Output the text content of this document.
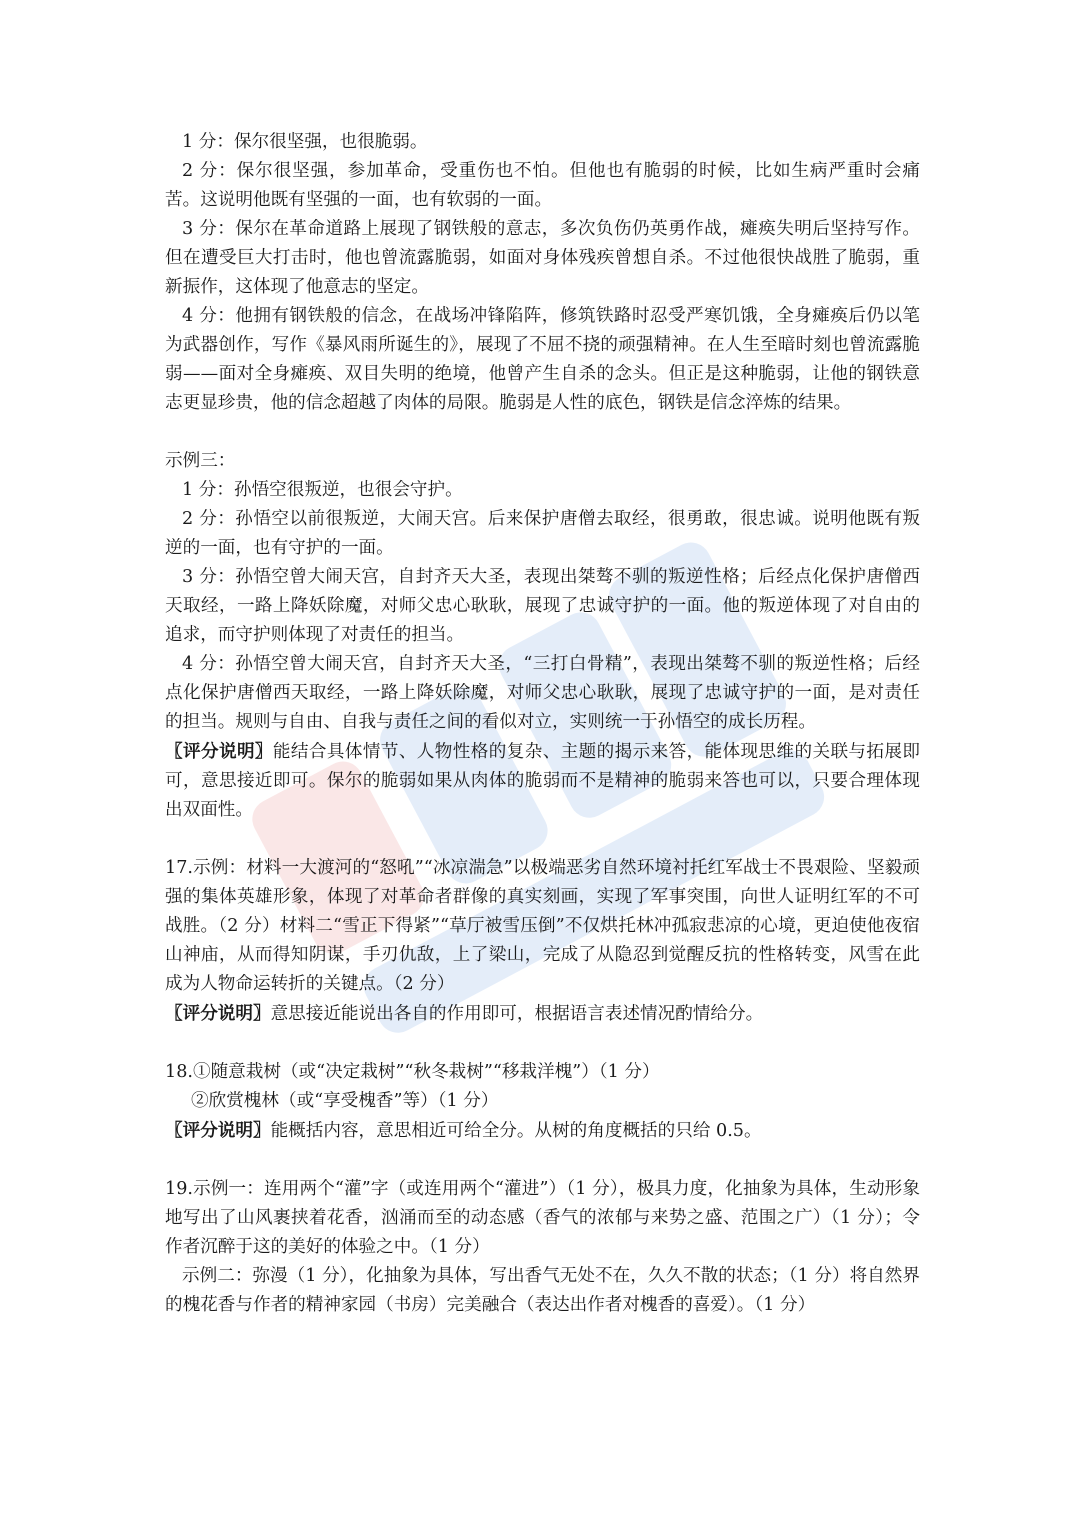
1 分：保尔很坚强，也很脆弱。

2 分：保尔很坚强，参加革命，受重伤也不怕。但他也有脆弱的时候，比如生病严重时会痛苦。这说明他既有坚强的一面，也有软弱的一面。

3 分：保尔在革命道路上展现了钢铁般的意志，多次负伤仍英勇作战，瘫痪失明后坚持写作。但在遭受巨大打击时，他也曾流露脆弱，如面对身体残疾曾想自杀。不过他很快战胜了脆弱，重新振作，这体现了他意志的坚定。

4 分：他拥有钢铁般的信念，在战场冲锋陷阵，修筑铁路时忍受严寒饥饿，全身瘫痪后仍以笔为武器创作，写作《暴风雨所诞生的》，展现了不屈不挠的顽强精神。在人生至暗时刻也曾流露脆弱——面对全身瘫痪、双目失明的绝境，他曾产生自杀的念头。但正是这种脆弱，让他的钢铁意志更显珍贵，他的信念超越了肉体的局限。脆弱是人性的底色，钢铁是信念淬炼的结果。

示例三：

1 分：孙悟空很叛逆，也很会守护。

2 分：孙悟空以前很叛逆，大闹天宫。后来保护唐僧去取经，很勇敢，很忠诚。说明他既有叛逆的一面，也有守护的一面。

3 分：孙悟空曾大闹天宫，自封齐天大圣，表现出桀骜不驯的叛逆性格；后经点化保护唐僧西天取经，一路上降妖除魔，对师父忠心耿耿，展现了忠诚守护的一面。他的叛逆体现了对自由的追求，而守护则体现了对责任的担当。

4 分：孙悟空曾大闹天宫，自封齐天大圣，“三打白骨精”，表现出桀骜不驯的叛逆性格；后经点化保护唐僧西天取经，一路上降妖除魔，对师父忠心耿耿，展现了忠诚守护的一面，是对责任的担当。规则与自由、自我与责任之间的看似对立，实则统一于孙悟空的成长历程。

〖评分说明〗能结合具体情节、人物性格的复杂、主题的揭示来答，能体现思维的关联与拓展即可，意思接近即可。保尔的脆弱如果从肉体的脆弱而不是精神的脆弱来答也可以，只要合理体现出双面性。

17.示例：材料一大渡河的“怒吼”“冰凉湍急”以极端恶劣自然环境衬托红军战士不畏艰险、坚毅顽强的集体英雄形象，体现了对革命者群像的真实刻画，实现了军事突围，向世人证明红军的不可战胜。（2 分）材料二“雪正下得紧”“草厅被雪压倒”不仅烘托林冲孤寂悲凉的心境，更迫使他夜宿山神庙，从而得知阴谋，手刃仇敌，上了梁山，完成了从隐忍到觉醒反抗的性格转变，风雪在此成为人物命运转折的关键点。（2 分）

〖评分说明〗意思接近能说出各自的作用即可，根据语言表述情况酌情给分。

18.①随意栽树（或“决定栽树”“秋冬栽树”“移栽洋槐”）（1 分）

②欣赏槐林（或“享受槐香”等）（1 分）

〖评分说明〗能概括内容，意思相近可给全分。从树的角度概括的只给 0.5。

19.示例一：连用两个“灌”字（或连用两个“灌进”）（1 分），极具力度，化抽象为具体，生动形象地写出了山风裹挟着花香，汹涌而至的动态感（香气的浓郁与来势之盛、范围之广）（1 分）；令作者沉醉于这的美好的体验之中。（1 分）

示例二：弥漫（1 分），化抽象为具体，写出香气无处不在，久久不散的状态；（1 分）将自然界的槐花香与作者的精神家园（书房）完美融合（表达出作者对槐香的喜爱）。（1 分）
